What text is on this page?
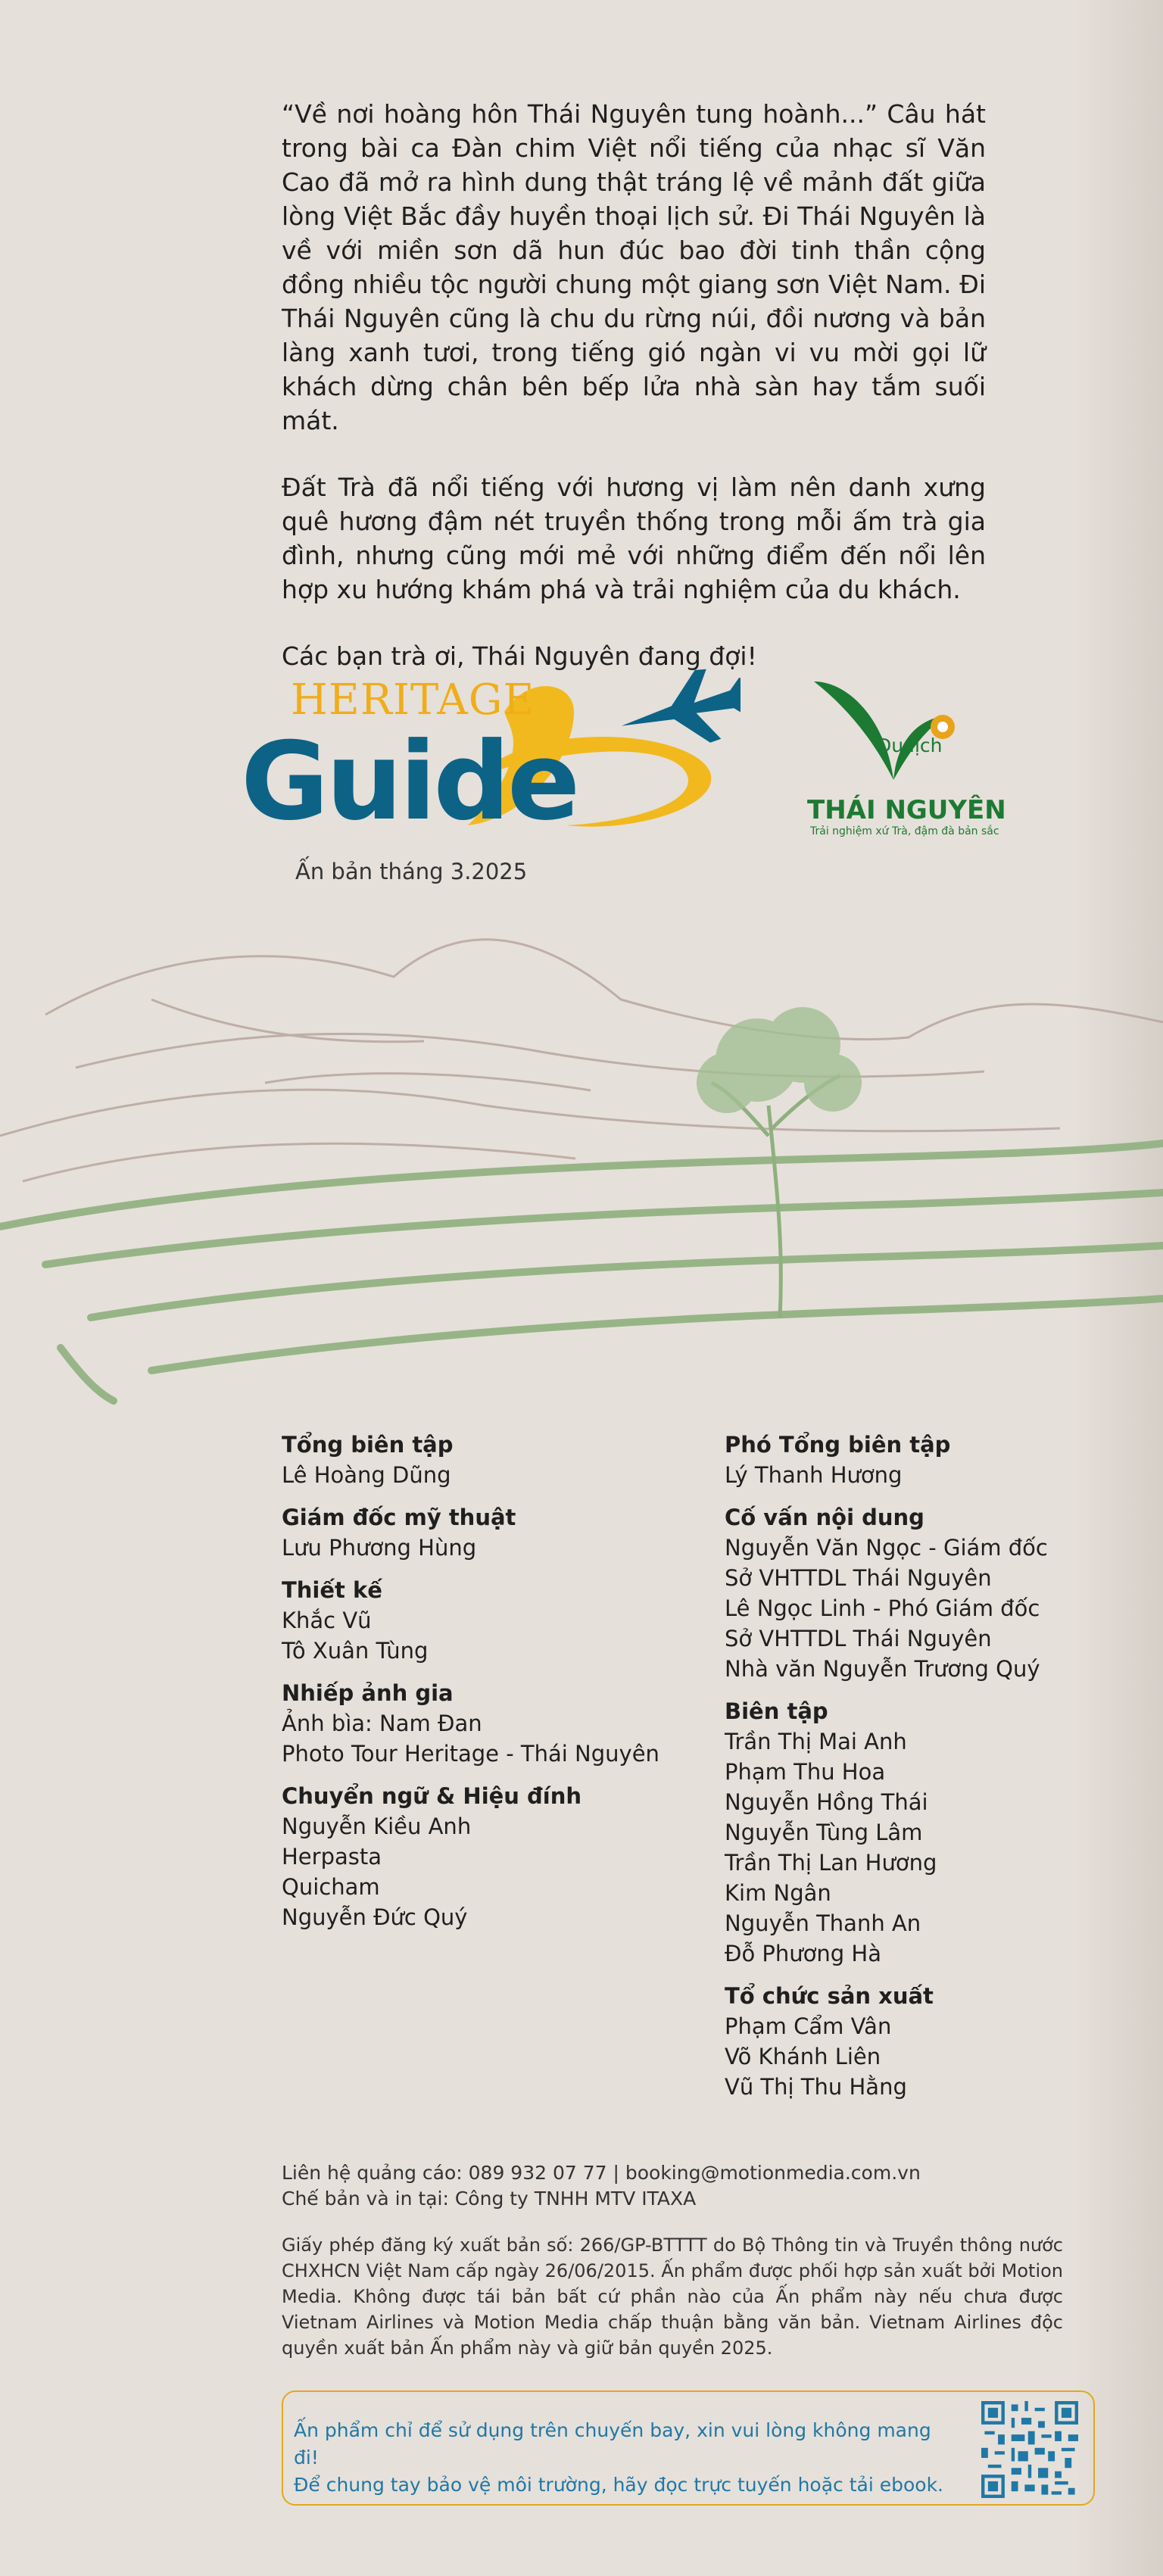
“Về nơi hoàng hôn Thái Nguyên tung hoành...” Câu hát trong bài ca Đàn chim Việt nổi tiếng của nhạc sĩ Văn Cao đã mở ra hình dung thật tráng lệ về mảnh đất giữa lòng Việt Bắc đầy huyền thoại lịch sử. Đi Thái Nguyên là về với miền sơn dã hun đúc bao đời tinh thần cộng đồng nhiều tộc người chung một giang sơn Việt Nam. Đi Thái Nguyên cũng là chu du rừng núi, đồi nương và bản làng xanh tươi, trong tiếng gió ngàn vi vu mời gọi lữ khách dừng chân bên bếp lửa nhà sàn hay tắm suối mát.

Đất Trà đã nổi tiếng với hương vị làm nên danh xưng quê hương đậm nét truyền thống trong mỗi ấm trà gia đình, nhưng cũng mới mẻ với những điểm đến nổi lên hợp xu hướng khám phá và trải nghiệm của du khách.

Các bạn trà ơi, Thái Nguyên đang đợi!

HERITAGE
Guide
Ấn bản tháng 3.2025
Du lịch
THÁI NGUYÊN
Trải nghiệm xứ Trà, đậm đà bản sắc
Tổng biên tập
Lê Hoàng Dũng
Giám đốc mỹ thuật
Lưu Phương Hùng
Thiết kế
Khắc Vũ
Tô Xuân Tùng
Nhiếp ảnh gia
Ảnh bìa: Nam Đan
Photo Tour Heritage - Thái Nguyên
Chuyển ngữ & Hiệu đính
Nguyễn Kiều Anh
Herpasta
Quicham
Nguyễn Đức Quý
Phó Tổng biên tập
Lý Thanh Hương
Cố vấn nội dung
Nguyễn Văn Ngọc - Giám đốc
Sở VHTTDL Thái Nguyên
Lê Ngọc Linh - Phó Giám đốc
Sở VHTTDL Thái Nguyên
Nhà văn Nguyễn Trương Quý
Biên tập
Trần Thị Mai Anh
Phạm Thu Hoa
Nguyễn Hồng Thái
Nguyễn Tùng Lâm
Trần Thị Lan Hương
Kim Ngân
Nguyễn Thanh An
Đỗ Phương Hà
Tổ chức sản xuất
Phạm Cẩm Vân
Võ Khánh Liên
Vũ Thị Thu Hằng
Liên hệ quảng cáo: 089 932 07 77 | booking@motionmedia.com.vn
Chế bản và in tại: Công ty TNHH MTV ITAXA
Giấy phép đăng ký xuất bản số: 266/GP-BTTTT do Bộ Thông tin và Truyền thông nước CHXHCN Việt Nam cấp ngày 26/06/2015. Ấn phẩm được phối hợp sản xuất bởi Motion Media. Không được tái bản bất cứ phần nào của Ấn phẩm này nếu chưa được Vietnam Airlines và Motion Media chấp thuận bằng văn bản. Vietnam Airlines độc quyền xuất bản Ấn phẩm này và giữ bản quyền 2025.
Ấn phẩm chỉ để sử dụng trên chuyến bay, xin vui lòng không mang đi!
Để chung tay bảo vệ môi trường, hãy đọc trực tuyến hoặc tải ebook.
